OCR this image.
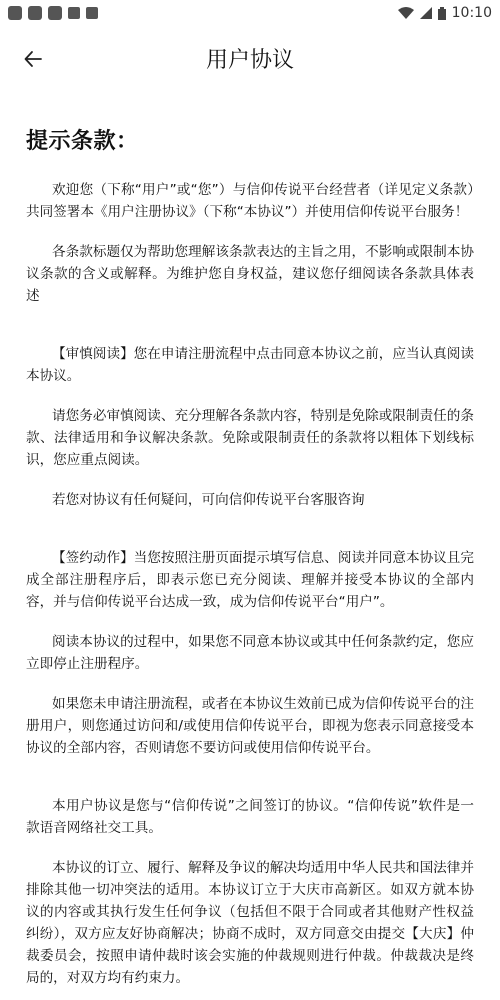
10:10
用户协议
提示条款：

欢迎您（下称“用户”或“您”）与信仰传说平台经营者（详见定义条款）共同签署本《用户注册协议》（下称“本协议”）并使用信仰传说平台服务！

各条款标题仅为帮助您理解该条款表达的主旨之用，不影响或限制本协议条款的含义或解释。为维护您自身权益，建议您仔细阅读各条款具体表述

【审慎阅读】您在申请注册流程中点击同意本协议之前，应当认真阅读本协议。

请您务必审慎阅读、充分理解各条款内容，特别是免除或限制责任的条款、法律适用和争议解决条款。免除或限制责任的条款将以粗体下划线标识，您应重点阅读。

若您对协议有任何疑问，可向信仰传说平台客服咨询

【签约动作】当您按照注册页面提示填写信息、阅读并同意本协议且完成全部注册程序后，即表示您已充分阅读、理解并接受本协议的全部内容，并与信仰传说平台达成一致，成为信仰传说平台“用户”。

阅读本协议的过程中，如果您不同意本协议或其中任何条款约定，您应立即停止注册程序。

如果您未申请注册流程，或者在本协议生效前已成为信仰传说平台的注册用户，则您通过访问和/或使用信仰传说平台，即视为您表示同意接受本协议的全部内容，否则请您不要访问或使用信仰传说平台。

本用户协议是您与“信仰传说”之间签订的协议。“信仰传说”软件是一款语音网络社交工具。

本协议的订立、履行、解释及争议的解决均适用中华人民共和国法律并排除其他一切冲突法的适用。本协议订立于大庆市高新区。如双方就本协议的内容或其执行发生任何争议（包括但不限于合同或者其他财产性权益纠纷），双方应友好协商解决；协商不成时，双方同意交由提交【大庆】仲裁委员会，按照申请仲裁时该会实施的仲裁规则进行仲裁。仲裁裁决是终局的，对双方均有约束力。
